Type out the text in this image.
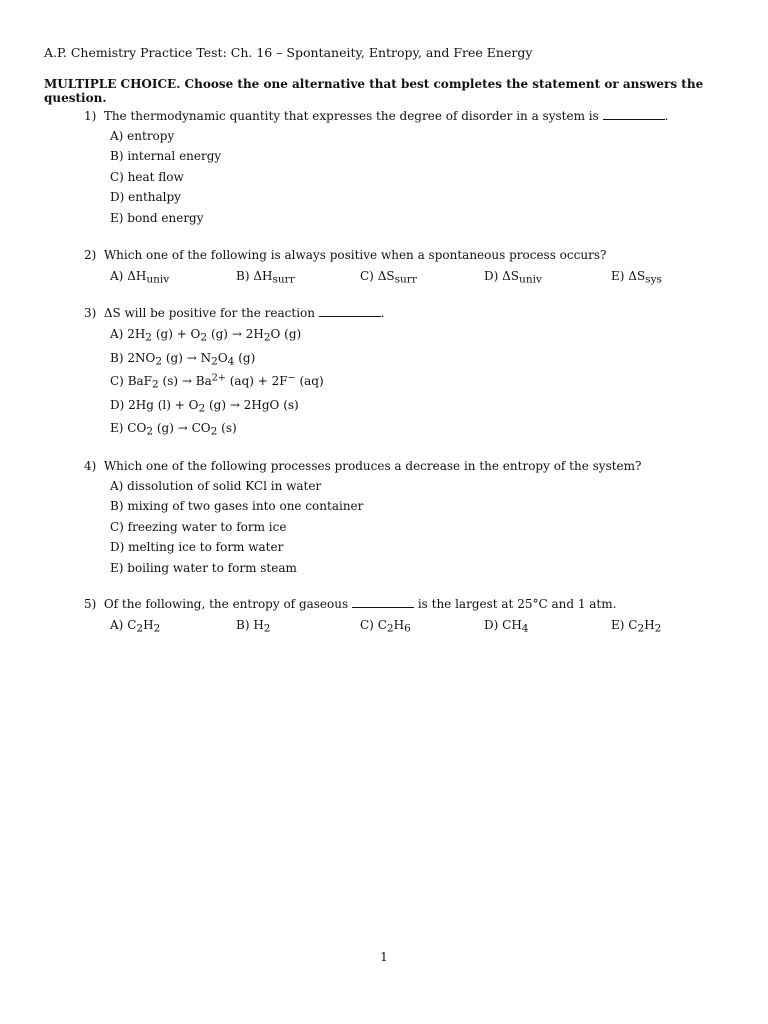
A.P. Chemistry Practice Test: Ch. 16 – Spontaneity, Entropy, and Free Energy
MULTIPLE CHOICE. Choose the one alternative that best completes the statement or answers the question.
1) The thermodynamic quantity that expresses the degree of disorder in a system is	.
A) entropy
B) internal energy
C) heat flow
D) enthalpy
E) bond energy
2) Which one of the following is always positive when a spontaneous process occurs?
A) $\Delta H_{univ}$	B) $\Delta H_{surr}$	C) $\Delta S_{surr}$	D) $\Delta S_{univ}$	E) $\Delta S_{sys}$
3) ΔS will be positive for the reaction	.
A) $2H_2$ $(g) + O_2$ $(g) \to 2H_2O$ (g)
B) $2NO_2$ $(g) \to N_2O_4$ (g)
C) BaF$_2$ $(s) \to Ba^{2+}$ (aq) + 2F− (aq)
D) 2Hg $(l) + O_2$ (g) → 2HgO (s)
E) $CO_2$ $(g) \to CO_2$ (s)
4) Which one of the following processes produces a decrease in the entropy of the system?
A) dissolution of solid KCl in water
B) mixing of two gases into one container
C) freezing water to form ice
D) melting ice to form water
E) boiling water to form steam
5) Of the following, the entropy of gaseous	is the largest at 25°C and 1 atm.
A) $C_2H_2$	B) $H_2$	C) $C_2H_6$	D) $CH_4$	E) $C_2H_2$
1
